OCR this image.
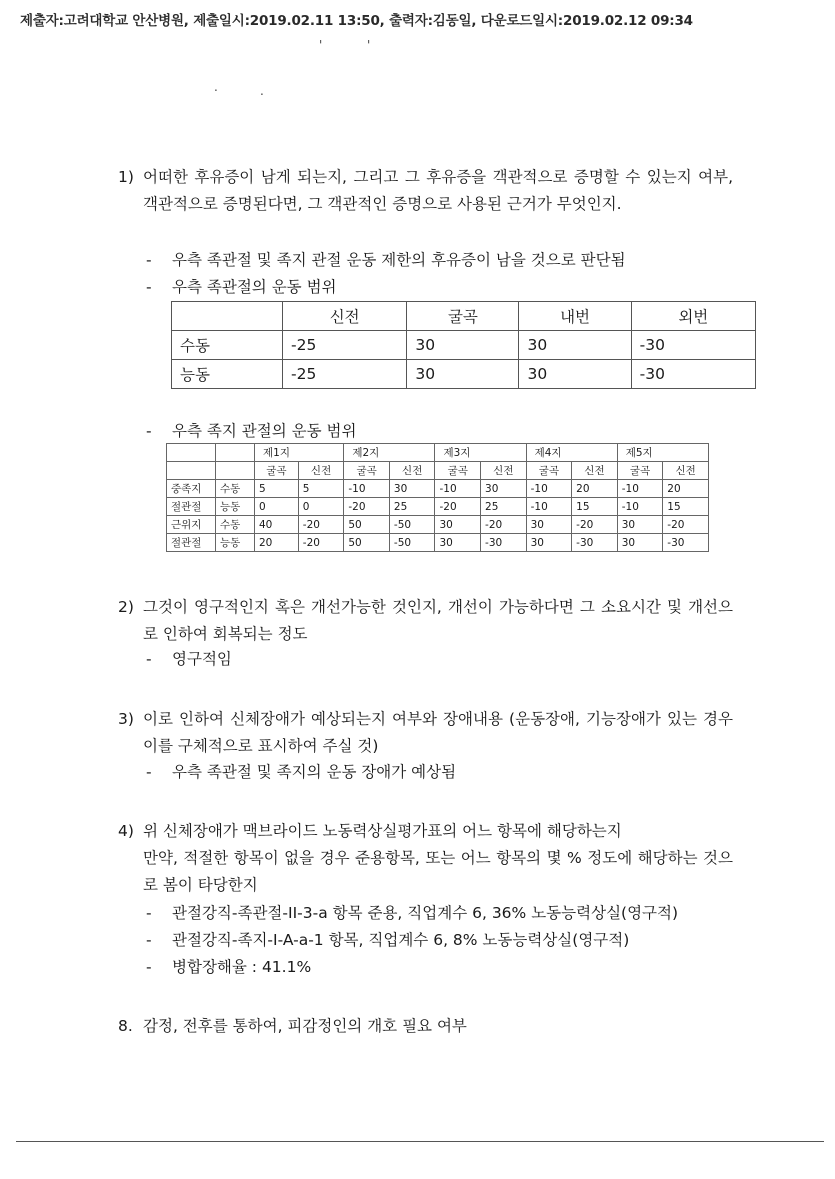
제출자:고려대학교 안산병원, 제출일시:2019.02.11 13:50, 출력자:김동일, 다운로드일시:2019.02.12 09:34
'	'
.	.
1) 어떠한 후유증이 남게 되는지, 그리고 그 후유증을 객관적으로 증명할 수 있는지 여부, 객관적으로 증명된다면, 그 객관적인 증명으로 사용된 근거가 무엇인지.
- 우측 족관절 및 족지 관절 운동 제한의 후유증이 남을 것으로 판단됨
- 우측 족관절의 운동 범위
	신전	굴곡	내번	외번
수동	-25	30	30	-30
능동	-25	30	30	-30
- 우측 족지 관절의 운동 범위
		제1지		제2지		제3지		제4지		제5지	
		굴곡	신전	굴곡	신전	굴곡	신전	굴곡	신전	굴곡	신전
중족지	수동	5	5	-10	30	-10	30	-10	20	-10	20
절관절	능동	0	0	-20	25	-20	25	-10	15	-10	15
근위지	수동	40	-20	50	-50	30	-20	30	-20	30	-20
절관절	능동	20	-20	50	-50	30	-30	30	-30	30	-30
2) 그것이 영구적인지 혹은 개선가능한 것인지, 개선이 가능하다면 그 소요시간 및 개선으로 인하여 회복되는 정도
- 영구적임
3) 이로 인하여 신체장애가 예상되는지 여부와 장애내용 (운동장애, 기능장애가 있는 경우 이를 구체적으로 표시하여 주실 것)
- 우측 족관절 및 족지의 운동 장애가 예상됨
4) 위 신체장애가 맥브라이드 노동력상실평가표의 어느 항목에 해당하는지
만약, 적절한 항목이 없을 경우 준용항목, 또는 어느 항목의 몇 % 정도에 해당하는 것으로 봄이 타당한지
- 관절강직-족관절-II-3-a 항목 준용, 직업계수 6, 36% 노동능력상실(영구적)
- 관절강직-족지-I-A-a-1 항목, 직업계수 6, 8% 노동능력상실(영구적)
- 병합장해율 : 41.1%
8. 감정, 전후를 통하여, 피감정인의 개호 필요 여부
